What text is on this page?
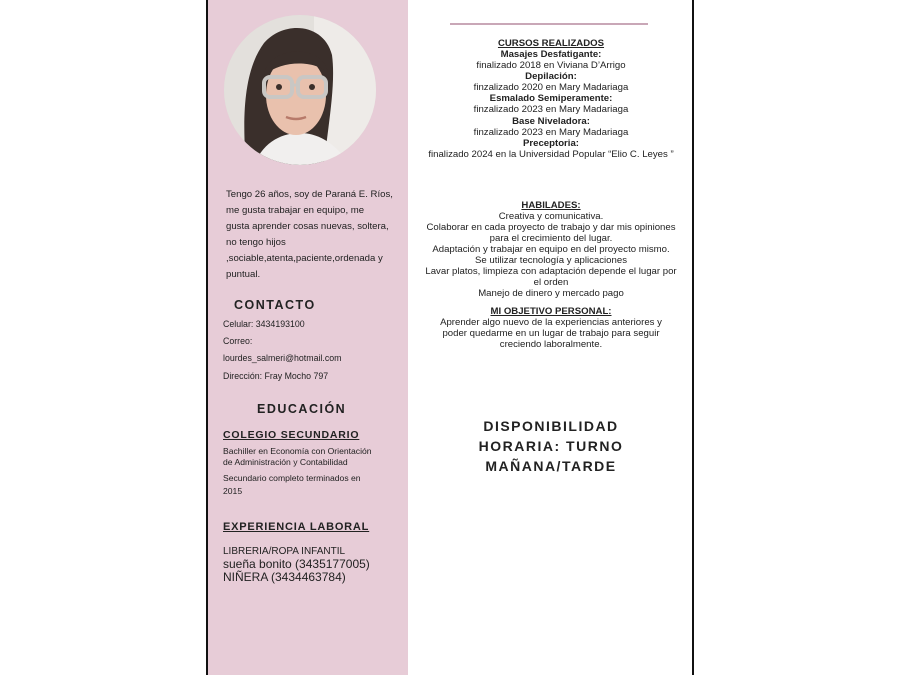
Tengo 26 años, soy de Paraná E. Ríos,
me gusta trabajar en equipo, me
gusta aprender cosas nuevas, soltera,
no tengo hijos
,sociable,atenta,paciente,ordenada y
puntual.
CONTACTO
Celular: 3434193100
Correo:
lourdes_salmeri@hotmail.com
Dirección: Fray Mocho 797
EDUCACIÓN
COLEGIO SECUNDARIO
Bachiller en Economía con Orientación
de Administración y Contabilidad
Secundario completo terminados en
2015
EXPERIENCIA LABORAL
LIBRERIA/ROPA INFANTIL
sueña bonito (3435177005)
NIÑERA (3434463784)
CURSOS REALIZADOS
Masajes Desfatigante:
finalizado 2018 en Viviana D’Arrigo
Depilación:
finzalizado 2020 en Mary Madariaga
Esmalado Semiperamente:
finzalizado 2023 en Mary Madariaga
Base Niveladora:
finzalizado 2023 en Mary Madariaga
Preceptoria:
finalizado 2024 en la Universidad Popular “Elio C. Leyes ”
HABILADES:
Creativa y comunicativa.
Colaborar en cada proyecto de trabajo y dar mis opiniones
para el crecimiento del lugar.
Adaptación y trabajar en equipo en del proyecto mismo.
Se utilizar tecnología y aplicaciones
Lavar platos, limpieza con adaptación depende el lugar por
el orden
Manejo de dinero y mercado pago
MI OBJETIVO PERSONAL:
Aprender algo nuevo de la experiencias anteriores y
poder quedarme en un lugar de trabajo para seguir
creciendo laboralmente.
DISPONIBILIDAD
HORARIA: TURNO
MAÑANA/TARDE
